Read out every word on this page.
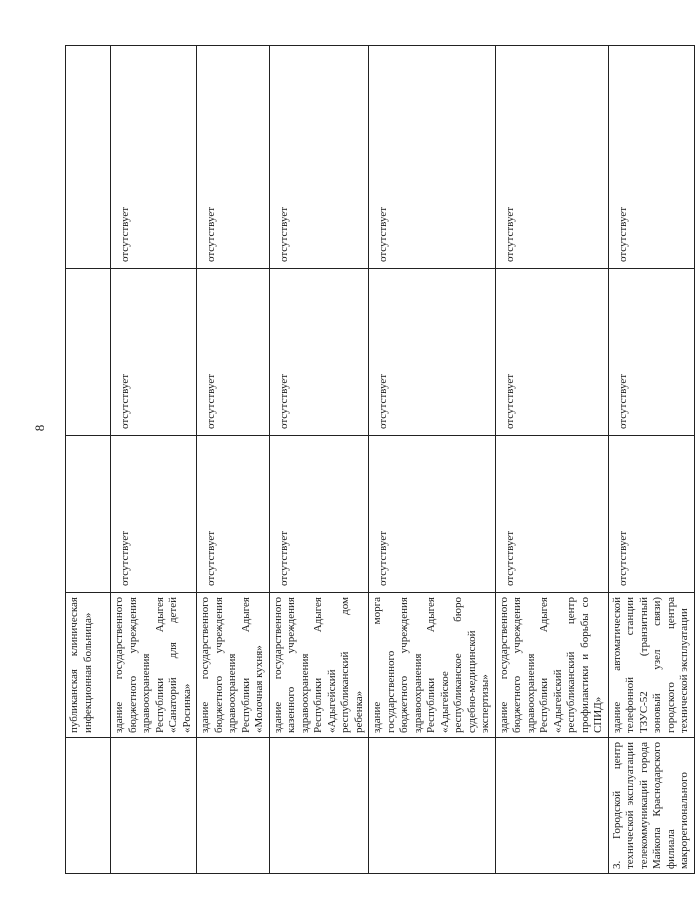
8
	публиканская клиническая инфекционная больница»			
	здание государственного бюджетного учреждения здравоохранения Республики Адыгея «Санаторий для детей «Росинка»	отсутствует	отсутствует	отсутствует
	здание государственного бюджетного учреждения здравоохранения Республики Адыгея «Молочная кухня»	отсутствует	отсутствует	отсутствует
	здание государственного казенного учреждения здравоохранения Республики Адыгея «Адыгейский республиканский дом ребенка»	отсутствует	отсутствует	отсутствует
	здание морга государственного бюджетного учреждения здравоохранения Республики Адыгея «Адыгейское республиканское бюро судебно-медицинской экспертизы»	отсутствует	отсутствует	отсутствует
	здание государственного бюджетного учреждения здравоохранения Республики Адыгея «Адыгейский республиканский центр профилактики и борьбы со СПИД»	отсутствует	отсутствует	отсутствует
3. Городской центр технической эксплуатации телекоммуникаций города Майкопа Краснодарского филиала макрорегионального	здание автоматической телефонной станции ТЗУС-52 (транзитный зоновый узел связи) городского центра технической эксплуатации	отсутствует	отсутствует	отсутствует
